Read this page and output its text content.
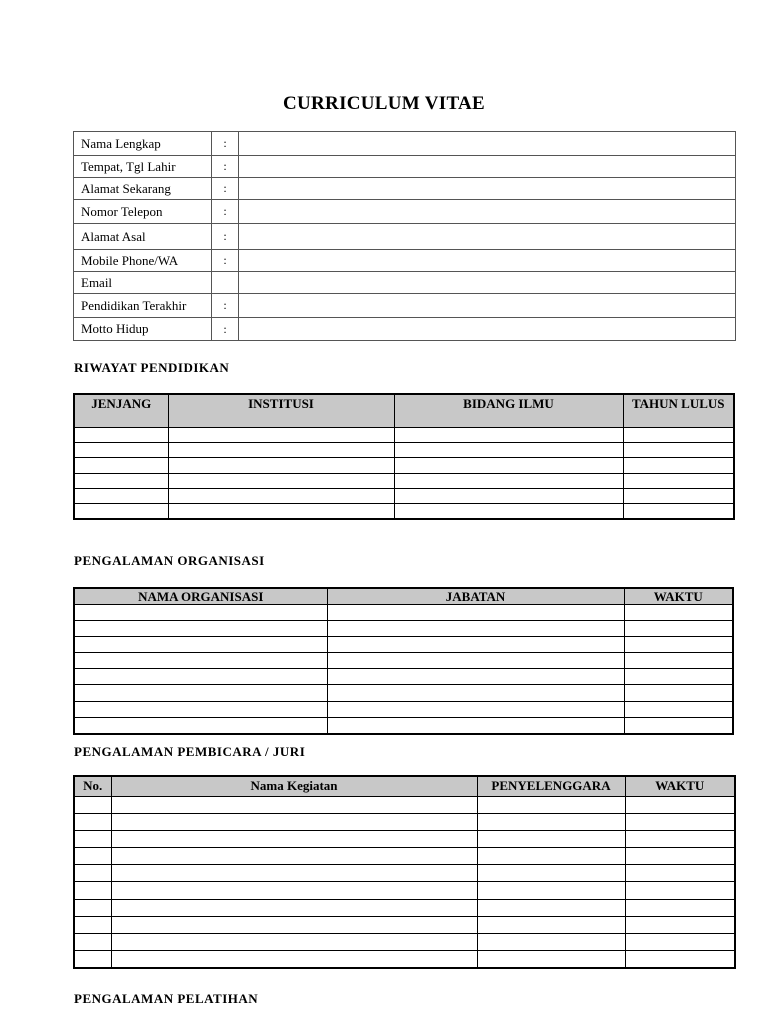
CURRICULUM VITAE
Nama Lengkap	:	
Tempat, Tgl Lahir	:	
Alamat Sekarang	:	
Nomor Telepon	:	
Alamat Asal	:	
Mobile Phone/WA	:	
Email		
Pendidikan Terakhir	:	
Motto Hidup	:	
RIWAYAT PENDIDIKAN
JENJANG	INSTITUSI	BIDANG ILMU	TAHUN LULUS

PENGALAMAN ORGANISASI
NAMA ORGANISASI	JABATAN	WAKTU

PENGALAMAN PEMBICARA / JURI
No.	Nama Kegiatan	PENYELENGGARA	WAKTU

PENGALAMAN PELATIHAN
